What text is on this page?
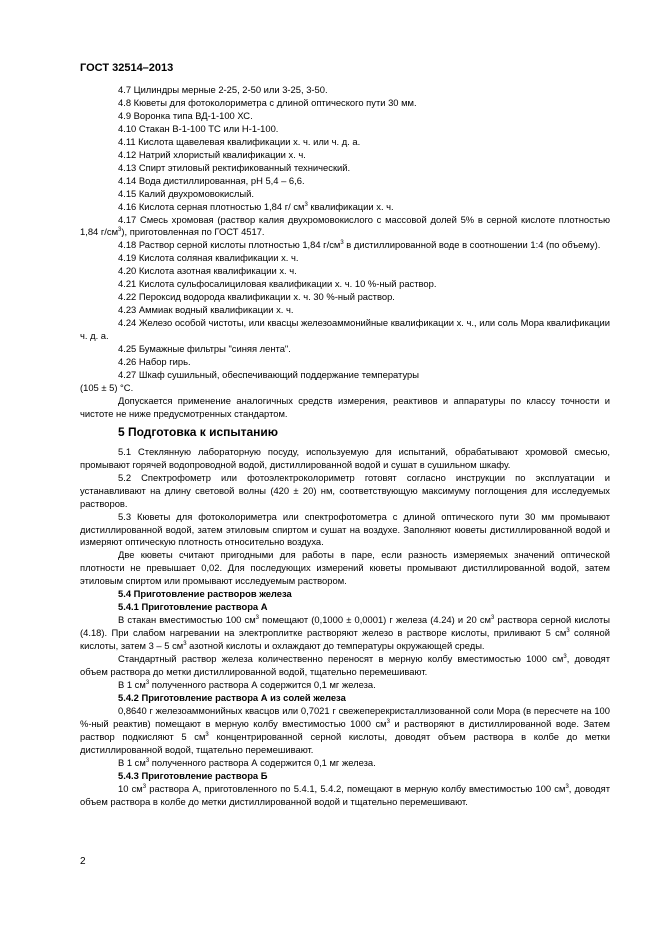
ГОСТ 32514–2013

4.7 Цилиндры мерные 2-25, 2-50 или 3-25, 3-50.

4.8 Кюветы для фотоколориметра с длиной оптического пути 30 мм.

4.9 Воронка типа ВД-1-100 ХС.

4.10 Стакан В-1-100 ТС или Н-1-100.

4.11 Кислота щавелевая квалификации х. ч. или ч. д. а.

4.12 Натрий хлористый квалификации х. ч.

4.13 Спирт этиловый ректификованный технический.

4.14 Вода дистиллированная, pH 5,4 – 6,6.

4.15 Калий двухромовокислый.

4.16 Кислота серная плотностью 1,84 г/ $см^3$ квалификации х. ч.

4.17 Смесь хромовая (раствор калия двухромовокислого с массовой долей 5% в серной кислоте плотностью 1,84 $г/см^3$), приготовленная по ГОСТ 4517.

4.18 Раствор серной кислоты плотностью 1,84 $г/см^3$ в дистиллированной воде в соотношении 1:4 (по объему).

4.19 Кислота соляная квалификации х. ч.

4.20 Кислота азотная квалификации х. ч.

4.21 Кислота сульфосалициловая квалификации х. ч. 10 %-ный раствор.

4.22 Пероксид водорода квалификации х. ч. 30 %-ный раствор.

4.23 Аммиак водный квалификации х. ч.

4.24 Железо особой чистоты, или квасцы железоаммонийные квалификации х. ч., или соль Мора квалификации ч. д. а.

4.25 Бумажные фильтры "синяя лента".

4.26 Набор гирь.

4.27 Шкаф сушильный, обеспечивающий поддержание температуры

(105 ± 5) °С.

Допускается применение аналогичных средств измерения, реактивов и аппаратуры по классу точности и чистоте не ниже предусмотренных стандартом.

5 Подготовка к испытанию

5.1 Стеклянную лабораторную посуду, используемую для испытаний, обрабатывают хромовой смесью, промывают горячей водопроводной водой, дистиллированной водой и сушат в сушильном шкафу.

5.2 Спектрофометр или фотоэлектроколориметр готовят согласно инструкции по эксплуатации и устанавливают на длину световой волны (420 ± 20) нм, соответствующую максимуму поглощения для исследуемых растворов.

5.3 Кюветы для фотоколориметра или спектрофотометра с длиной оптического пути 30 мм промывают дистиллированной водой, затем этиловым спиртом и сушат на воздухе. Заполняют кюветы дистиллированной водой и измеряют оптическую плотность относительно воздуха.

Две кюветы считают пригодными для работы в паре, если разность измеряемых значений оптической плотности не превышает 0,02. Для последующих измерений кюветы промывают дистиллированной водой, затем этиловым спиртом или промывают исследуемым раствором.

5.4 Приготовление растворов железа

5.4.1 Приготовление раствора А

В стакан вместимостью 100 $см^3$ помещают (0,1000 ± 0,0001) г железа (4.24) и 20 $см^3$ раствора серной кислоты (4.18). При слабом нагревании на электроплитке растворяют железо в растворе кислоты, приливают 5 $см^3$ соляной кислоты, затем 3 – 5 $см^3$ азотной кислоты и охлаждают до температуры окружающей среды.

Стандартный раствор железа количественно переносят в мерную колбу вместимостью 1000 $см^3$, доводят объем раствора до метки дистиллированной водой, тщательно перемешивают.

В 1 $см^3$ полученного раствора А содержится 0,1 мг железа.

5.4.2 Приготовление раствора А из солей железа

0,8640 г железоаммонийных квасцов или 0,7021 г свежеперекристаллизованной соли Мора (в пересчете на 100 %-ный реактив) помещают в мерную колбу вместимостью 1000 $см^3$ и растворяют в дистиллированной воде. Затем раствор подкисляют 5 $см^3$ концентрированной серной кислоты, доводят объем раствора в колбе до метки дистиллированной водой, тщательно перемешивают.

В 1 $см^3$ полученного раствора А содержится 0,1 мг железа.

5.4.3 Приготовление раствора Б

10 $см^3$ раствора А, приготовленного по 5.4.1, 5.4.2, помещают в мерную колбу вместимостью 100 $см^3$, доводят объем раствора в колбе до метки дистиллированной водой и тщательно перемешивают.

2
